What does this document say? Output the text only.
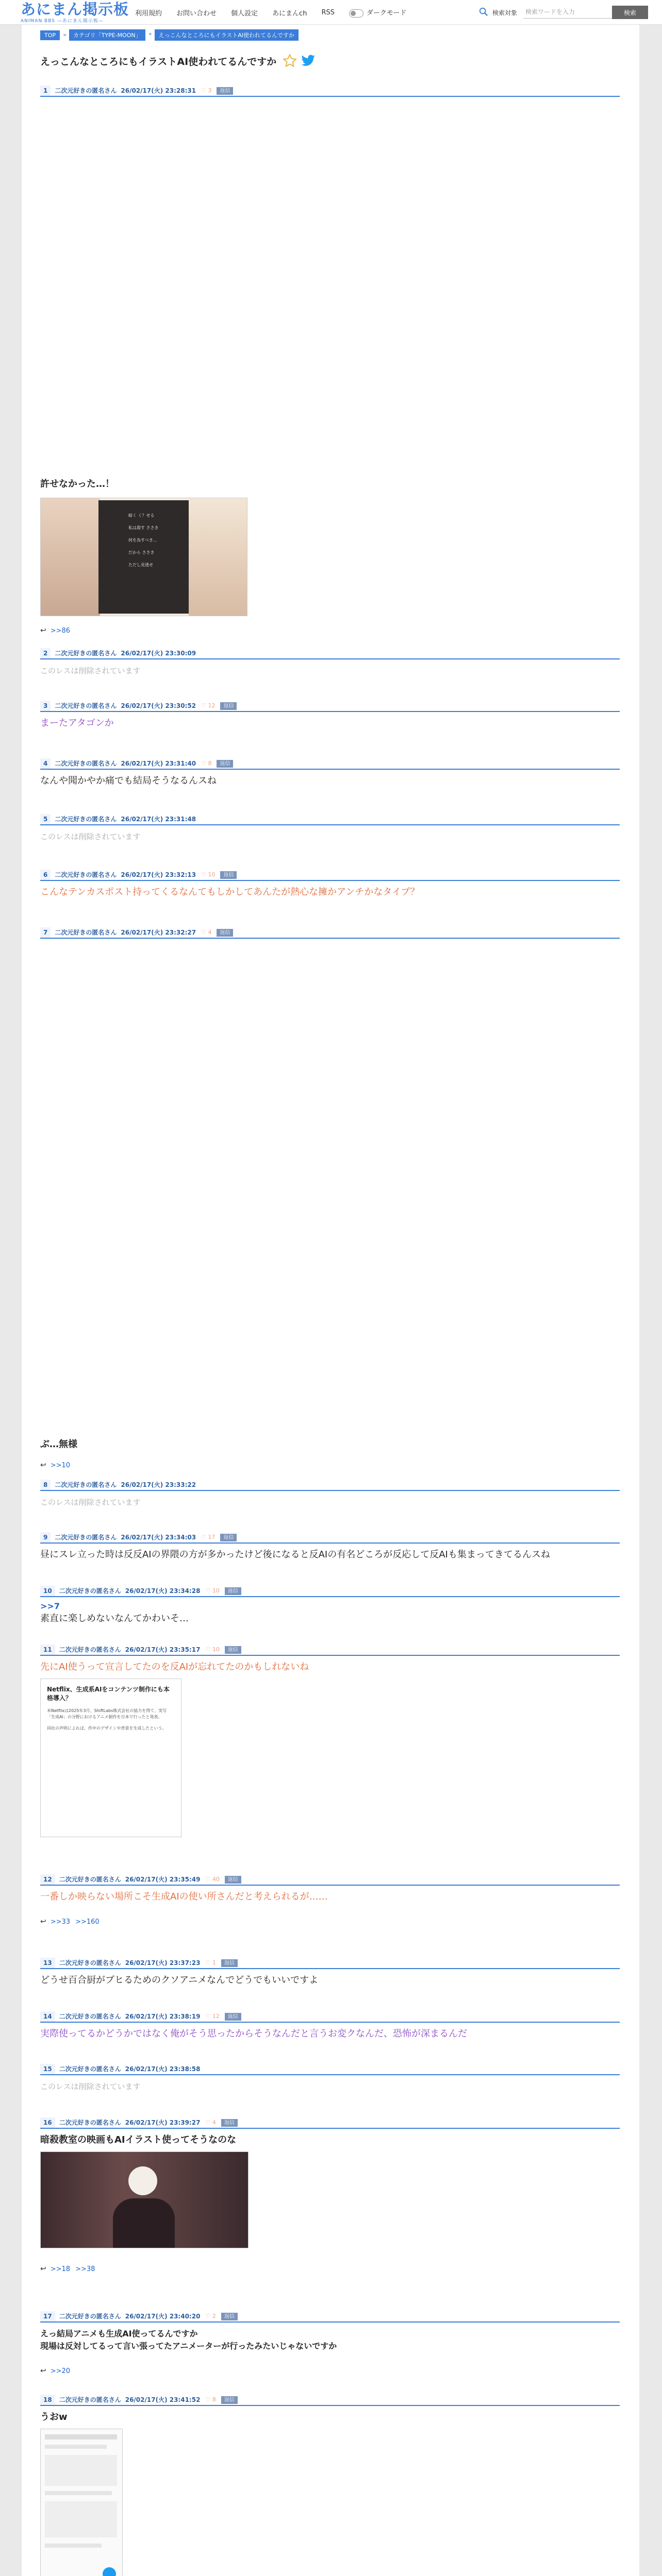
あにまん掲示板
ANIMAN BBS —あにまん掲示板—
利用規約 お問い合わせ 個人設定 あにまんch RSS	ダークモード	検索対象
検索ワードを入力	検索
TOP »	カテゴリ「TYPE-MOON」 »	えっこんなところにもイラストAI使われてるんですか
えっこんなところにもイラストAI使われてるんですか
1	二次元好きの匿名さん 26/02/17(火) 23:28:31 ♡ 3	返信
許せなかった…！
暗く く？せる
私は殺す ささき
何を為すべき...
だから ささき
ただし見逃せ
↩ >>86
2	二次元好きの匿名さん 26/02/17(火) 23:30:09
このレスは削除されています
3	二次元好きの匿名さん 26/02/17(火) 23:30:52 ♡ 12	返信
まーたアタゴンか
4	二次元好きの匿名さん 26/02/17(火) 23:31:40 ♡ 8	返信
なんや聞かやか痛でも結局そうなるんスね
5	二次元好きの匿名さん 26/02/17(火) 23:31:48
このレスは削除されています
6	二次元好きの匿名さん 26/02/17(火) 23:32:13 ♡ 10	返信
こんなテンカスポスト持ってくるなんてもしかしてあんたが熱心な擁かアンチかなタイプ？
7	二次元好きの匿名さん 26/02/17(火) 23:32:27 ♡ 4	返信
ぶ…無様
↩ >>10
8	二次元好きの匿名さん 26/02/17(火) 23:33:22
このレスは削除されています
9	二次元好きの匿名さん 26/02/17(火) 23:34:03 ♡ 17	返信
昼にスレ立った時は反反AIの界隈の方が多かったけど後になると反AIの有名どころが反応して反AIも集まってきてるんスね
10	二次元好きの匿名さん 26/02/17(火) 23:34:28 ♡ 10	返信
>>7
素直に楽しめないなんてかわいそ…
11	二次元好きの匿名さん 26/02/17(火) 23:35:17 ♡ 10	返信
先にAI使うって宣言してたのを反AIが忘れてたのかもしれないね
Netflix、生成系AIをコンテンツ制作にも本格導入？
米Netflixは2025年3月、ShiftLabs株式会社の協力を得て、実写「生成AI」の分野におけるアニメ制作を日本で行ったと発表。
同社の声明によれば、作中のデザインや背景を生成したという。
12	二次元好きの匿名さん 26/02/17(火) 23:35:49 ♡ 40	返信
一番しか映らない場所こそ生成AIの使い所さんだと考えられるが……
↩ >>33 >>160
13	二次元好きの匿名さん 26/02/17(火) 23:37:23 ♡ 1	返信
どうせ百合厨がブヒるためのクソアニメなんでどうでもいいですよ
14	二次元好きの匿名さん 26/02/17(火) 23:38:19 ♡ 12	返信
実際使ってるかどうかではなく俺がそう思ったからそうなんだと言うお変クなんだ、恐怖が深まるんだ
15	二次元好きの匿名さん 26/02/17(火) 23:38:58
このレスは削除されています
16	二次元好きの匿名さん 26/02/17(火) 23:39:27 ♡ 4	返信
暗殺教室の映画もAIイラスト使ってそうなのな
↩ >>18 >>38
17	二次元好きの匿名さん 26/02/17(火) 23:40:20 ♡ 2	返信
えっ結局アニメも生成AI使ってるんですか
現場は反対してるって言い張ってたアニメーターが行ったみたいじゃないですか
↩ >>20
18	二次元好きの匿名さん 26/02/17(火) 23:41:52 ♡ 8	返信
うおw
